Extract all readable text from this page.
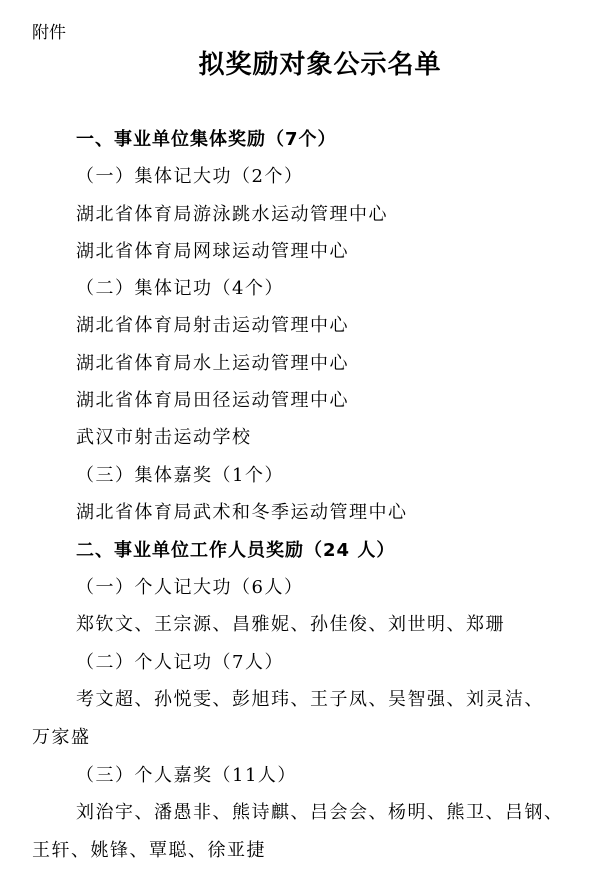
附件
拟奖励对象公示名单
一、事业单位集体奖励（7个）
（一）集体记大功（2个）
湖北省体育局游泳跳水运动管理中心
湖北省体育局网球运动管理中心
（二）集体记功（4个）
湖北省体育局射击运动管理中心
湖北省体育局水上运动管理中心
湖北省体育局田径运动管理中心
武汉市射击运动学校
（三）集体嘉奖（1个）
湖北省体育局武术和冬季运动管理中心
二、事业单位工作人员奖励（24 人）
（一）个人记大功（6人）
郑钦文、王宗源、昌雅妮、孙佳俊、刘世明、郑珊
（二）个人记功（7人）
考文超、孙悦雯、彭旭玮、王子凤、吴智强、刘灵洁、
万家盛
（三）个人嘉奖（11人）
刘治宇、潘愚非、熊诗麒、吕会会、杨明、熊卫、吕钢、
王轩、姚锋、覃聪、徐亚捷
